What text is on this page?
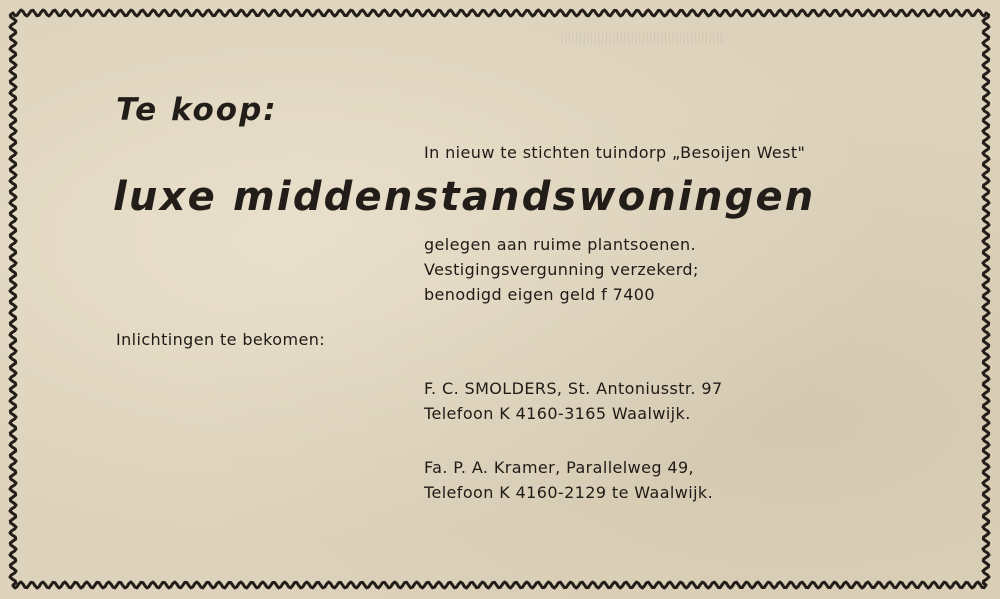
Te koop:
In nieuw te stichten tuindorp „Besoijen West"
luxe middenstandswoningen
gelegen aan ruime plantsoenen.
Vestigingsvergunning verzekerd;
benodigd eigen geld f 7400
Inlichtingen te bekomen:
F. C. SMOLDERS, St. Antoniusstr. 97
Telefoon K 4160-3165 Waalwijk.
Fa. P. A. Kramer, Parallelweg 49,
Telefoon K 4160-2129 te Waalwijk.
